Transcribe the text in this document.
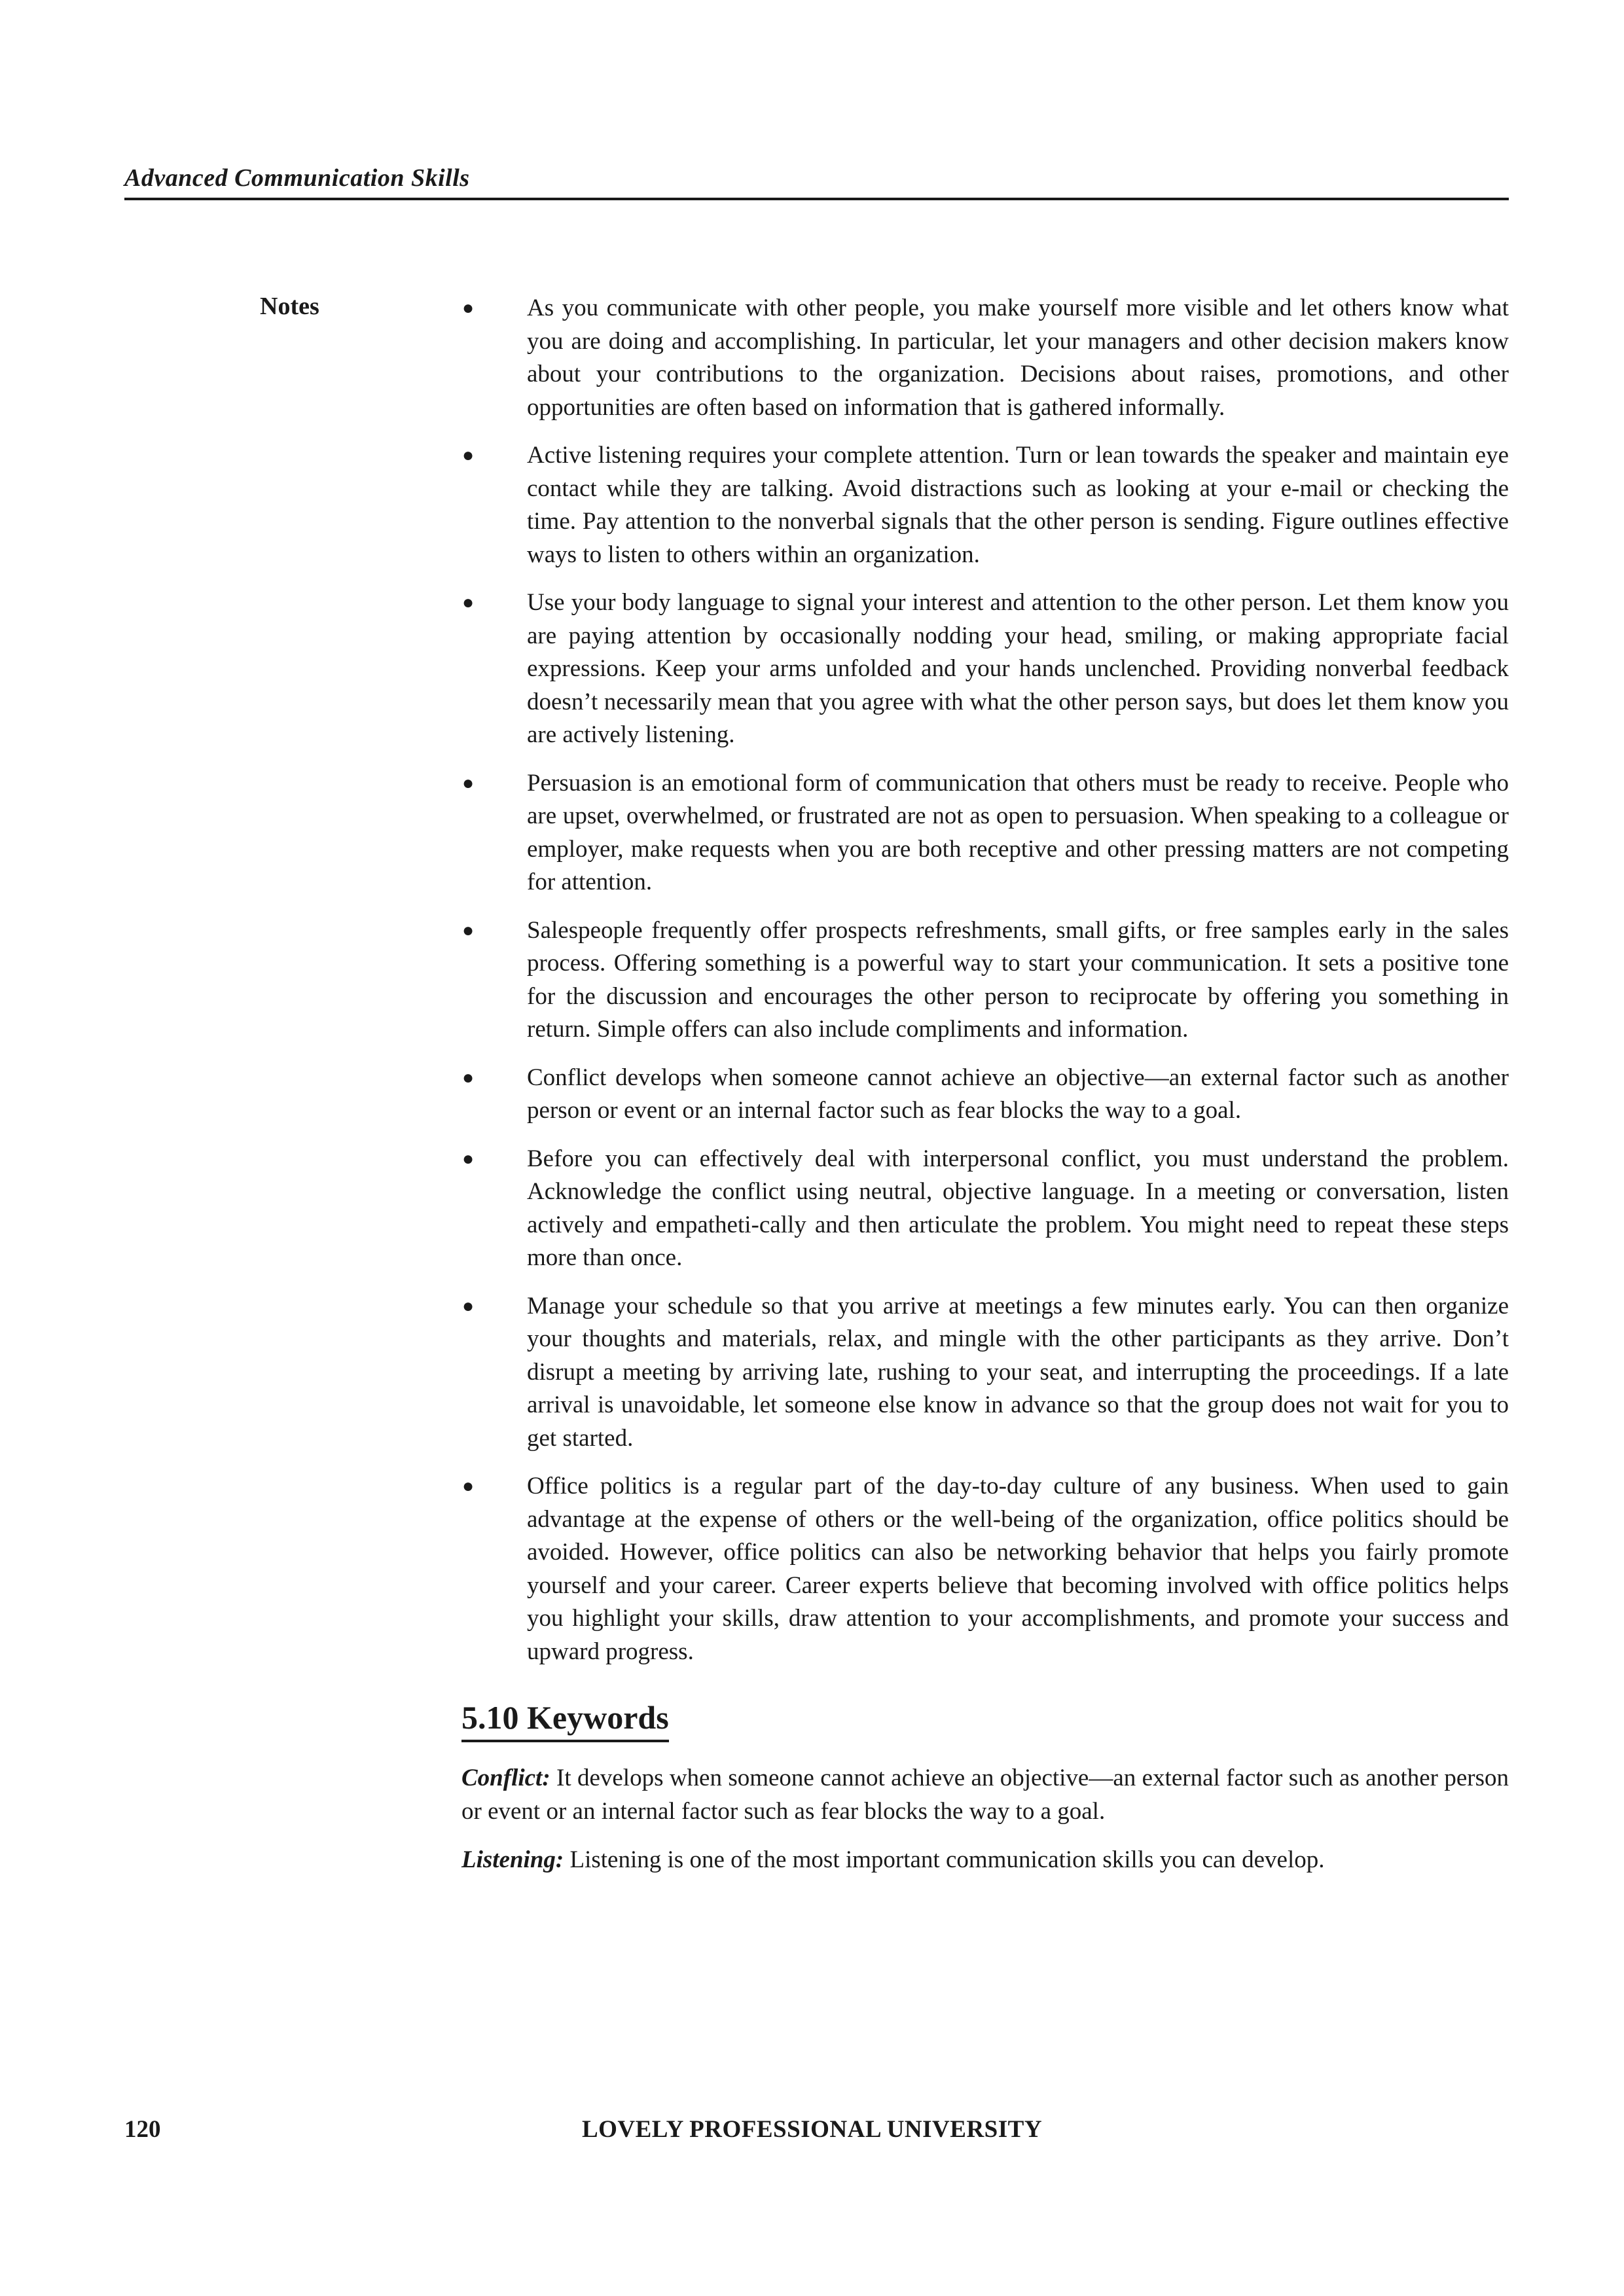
Advanced Communication Skills
Notes	● As you communicate with other people, you make yourself more visible and let others know what you are doing and accomplishing. In particular, let your managers and other decision makers know about your contributions to the organization. Decisions about raises, promotions, and other opportunities are often based on information that is gathered informally.
● Active listening requires your complete attention. Turn or lean towards the speaker and maintain eye contact while they are talking. Avoid distractions such as looking at your e-mail or checking the time. Pay attention to the nonverbal signals that the other person is sending. Figure outlines effective ways to listen to others within an organization.
● Use your body language to signal your interest and attention to the other person. Let them know you are paying attention by occasionally nodding your head, smiling, or making appropriate facial expressions. Keep your arms unfolded and your hands unclenched. Providing nonverbal feedback doesn’t necessarily mean that you agree with what the other person says, but does let them know you are actively listening.
● Persuasion is an emotional form of communication that others must be ready to receive. People who are upset, overwhelmed, or frustrated are not as open to persuasion. When speaking to a colleague or employer, make requests when you are both receptive and other pressing matters are not competing for attention.
● Salespeople frequently offer prospects refreshments, small gifts, or free samples early in the sales process. Offering something is a powerful way to start your communication. It sets a positive tone for the discussion and encourages the other person to reciprocate by offering you something in return. Simple offers can also include compliments and information.
● Conflict develops when someone cannot achieve an objective—an external factor such as another person or event or an internal factor such as fear blocks the way to a goal.
● Before you can effectively deal with interpersonal conflict, you must understand the problem. Acknowledge the conflict using neutral, objective language. In a meeting or conversation, listen actively and empatheti-cally and then articulate the problem. You might need to repeat these steps more than once.
● Manage your schedule so that you arrive at meetings a few minutes early. You can then organize your thoughts and materials, relax, and mingle with the other participants as they arrive. Don’t disrupt a meeting by arriving late, rushing to your seat, and interrupting the proceedings. If a late arrival is unavoidable, let someone else know in advance so that the group does not wait for you to get started.
● Office politics is a regular part of the day-to-day culture of any business. When used to gain advantage at the expense of others or the well-being of the organization, office politics should be avoided. However, office politics can also be networking behavior that helps you fairly promote yourself and your career. Career experts believe that becoming involved with office politics helps you highlight your skills, draw attention to your accomplishments, and promote your success and upward progress.
5.10 Keywords

Conflict: It develops when someone cannot achieve an objective—an external factor such as another person or event or an internal factor such as fear blocks the way to a goal.

Listening: Listening is one of the most important communication skills you can develop.

LOVELY PROFESSIONAL UNIVERSITY
120
